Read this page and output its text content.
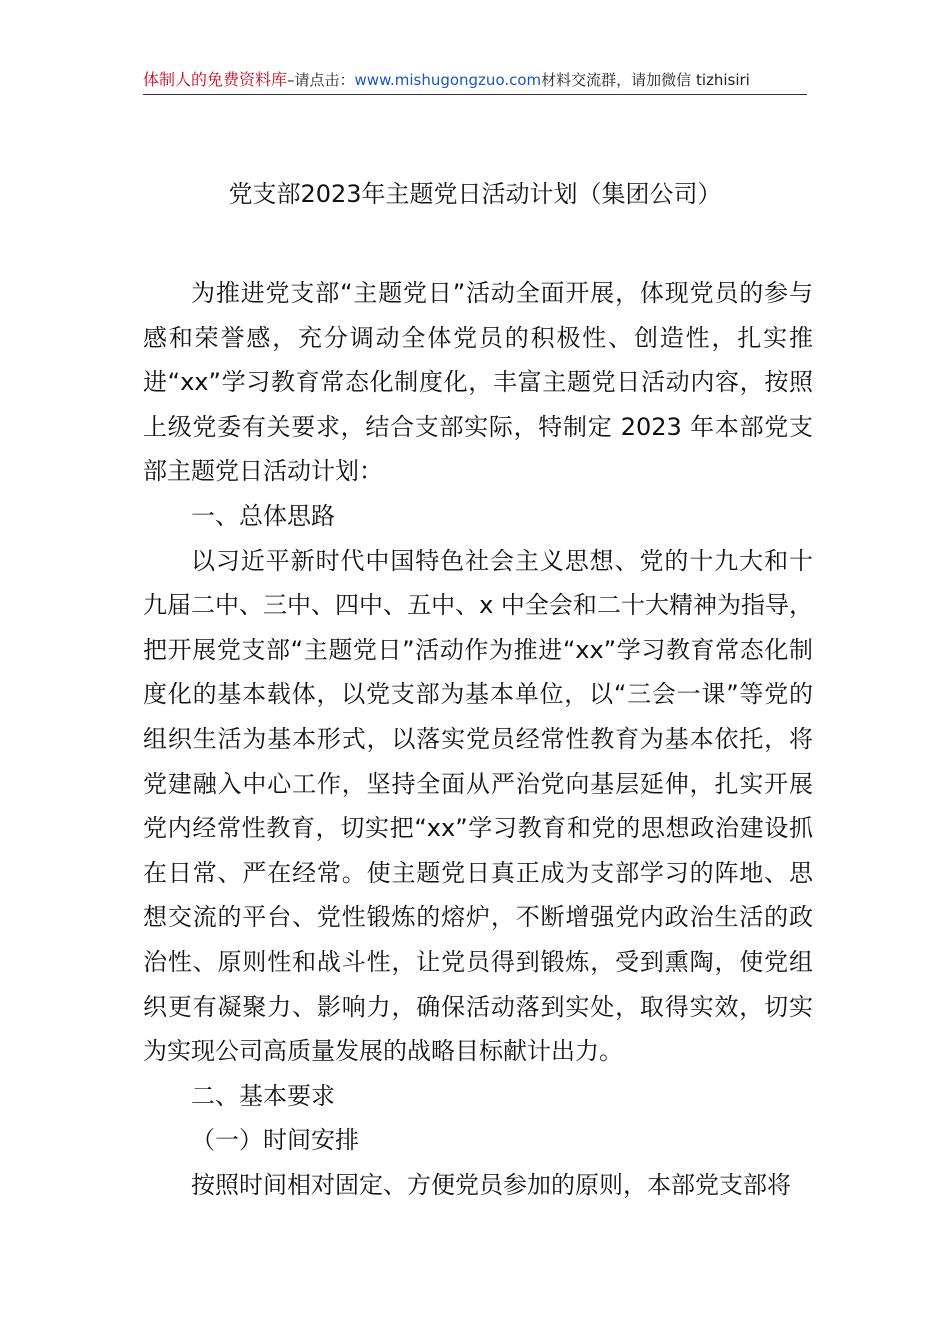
体制人的免费资料库–请点击：www.mishugongzuo.com材料交流群，请加微信 tizhisiri
党支部2023年主题党日活动计划（集团公司）

为推进党支部“主题党日”活动全面开展，体现党员的参与感和荣誉感，充分调动全体党员的积极性、创造性，扎实推进“xx”学习教育常态化制度化，丰富主题党日活动内容，按照上级党委有关要求，结合支部实际，特制定 2023 年本部党支部主题党日活动计划：

一、总体思路

以习近平新时代中国特色社会主义思想、党的十九大和十九届二中、三中、四中、五中、x 中全会和二十大精神为指导，把开展党支部“主题党日”活动作为推进“xx”学习教育常态化制度化的基本载体，以党支部为基本单位，以“三会一课”等党的组织生活为基本形式，以落实党员经常性教育为基本依托，将党建融入中心工作，坚持全面从严治党向基层延伸，扎实开展党内经常性教育，切实把“xx”学习教育和党的思想政治建设抓在日常、严在经常。使主题党日真正成为支部学习的阵地、思想交流的平台、党性锻炼的熔炉，不断增强党内政治生活的政治性、原则性和战斗性，让党员得到锻炼，受到熏陶，使党组织更有凝聚力、影响力，确保活动落到实处，取得实效，切实为实现公司高质量发展的战略目标献计出力。

二、基本要求

（一）时间安排

按照时间相对固定、方便党员参加的原则，本部党支部将
